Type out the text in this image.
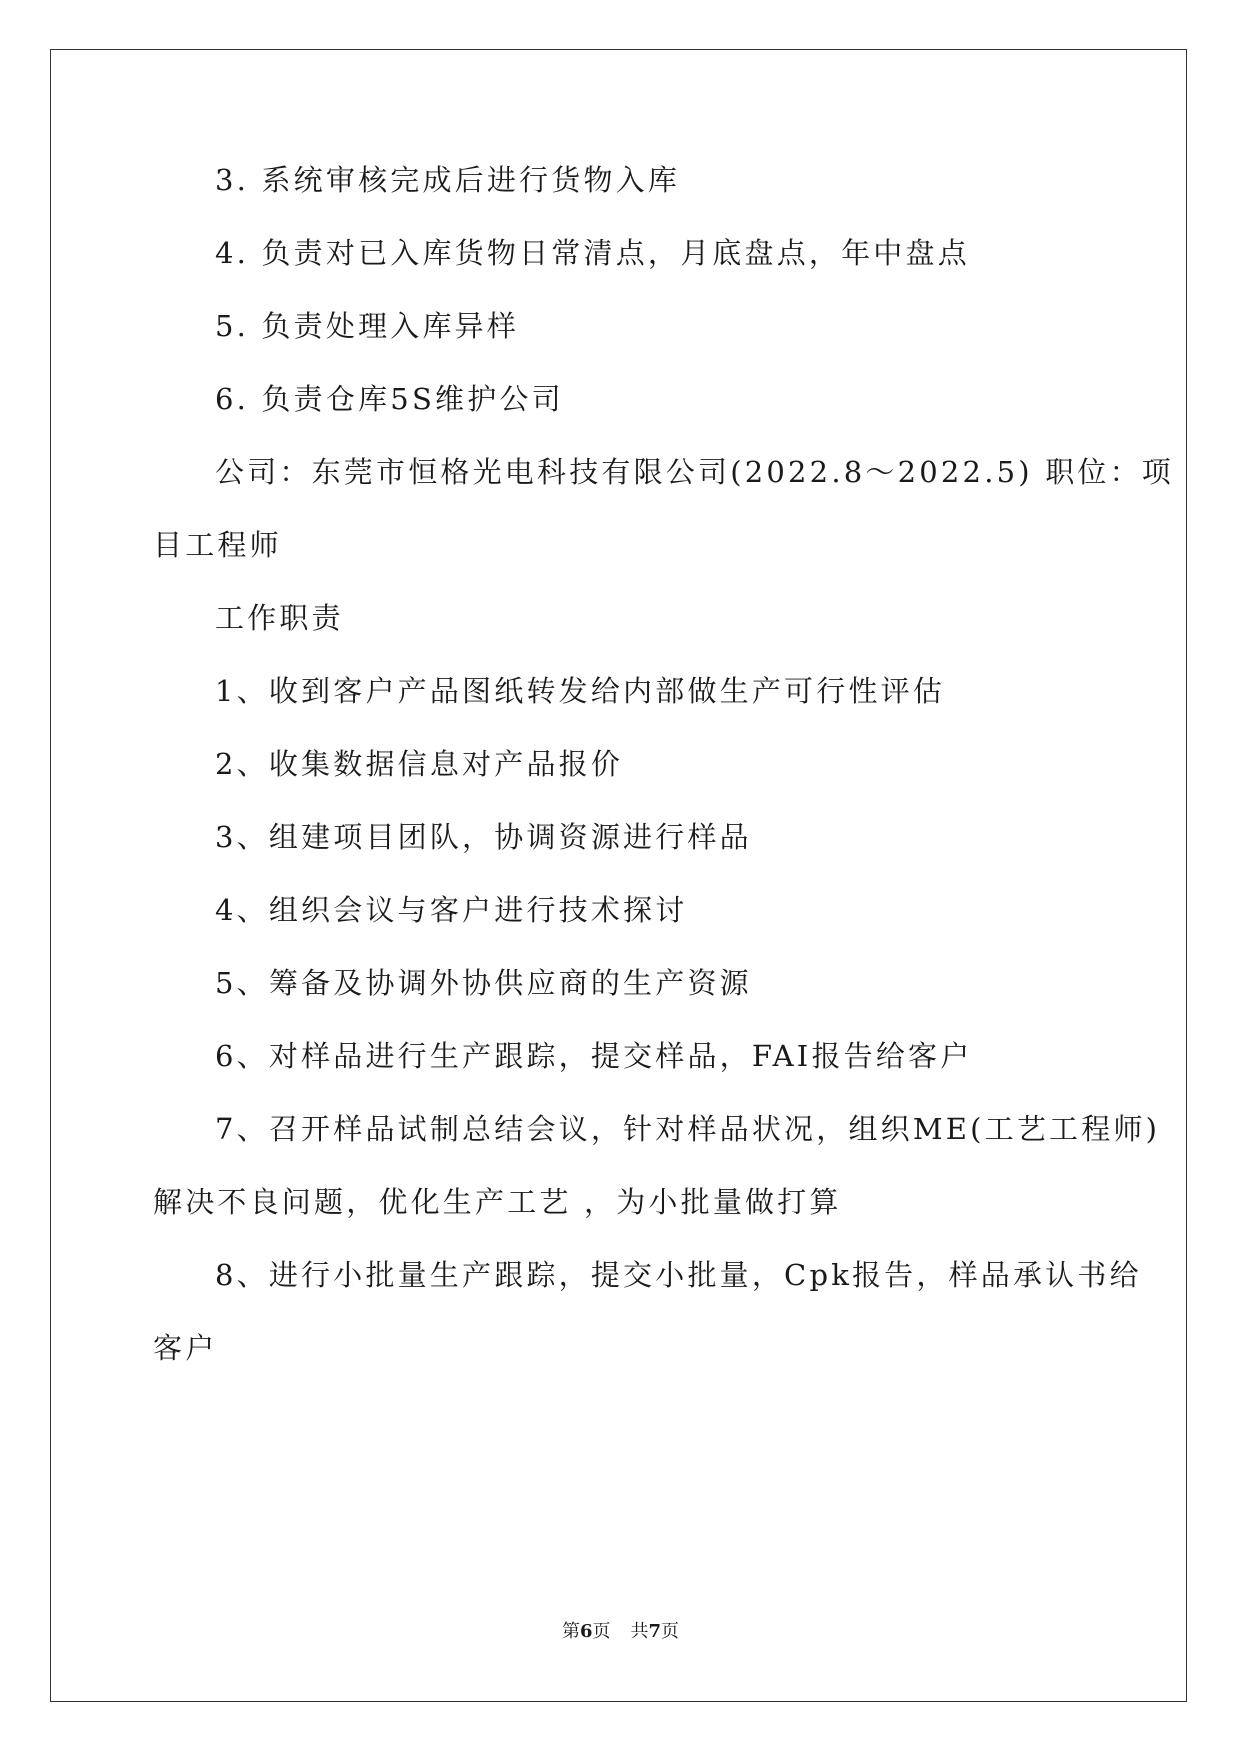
3. 系统审核完成后进行货物入库
4. 负责对已入库货物日常清点，月底盘点，年中盘点
5. 负责处理入库异样
6. 负责仓库5S维护公司
公司：东莞市恒格光电科技有限公司(2022.8～2022.5) 职位：项
目工程师
工作职责
1、收到客户产品图纸转发给内部做生产可行性评估
2、收集数据信息对产品报价
3、组建项目团队，协调资源进行样品
4、组织会议与客户进行技术探讨
5、筹备及协调外协供应商的生产资源
6、对样品进行生产跟踪，提交样品，FAI报告给客户
7、召开样品试制总结会议，针对样品状况，组织ME(工艺工程师)
解决不良问题，优化生产工艺 ，为小批量做打算
8、进行小批量生产跟踪，提交小批量，Cpk报告，样品承认书给
客户
第6页 共7页
